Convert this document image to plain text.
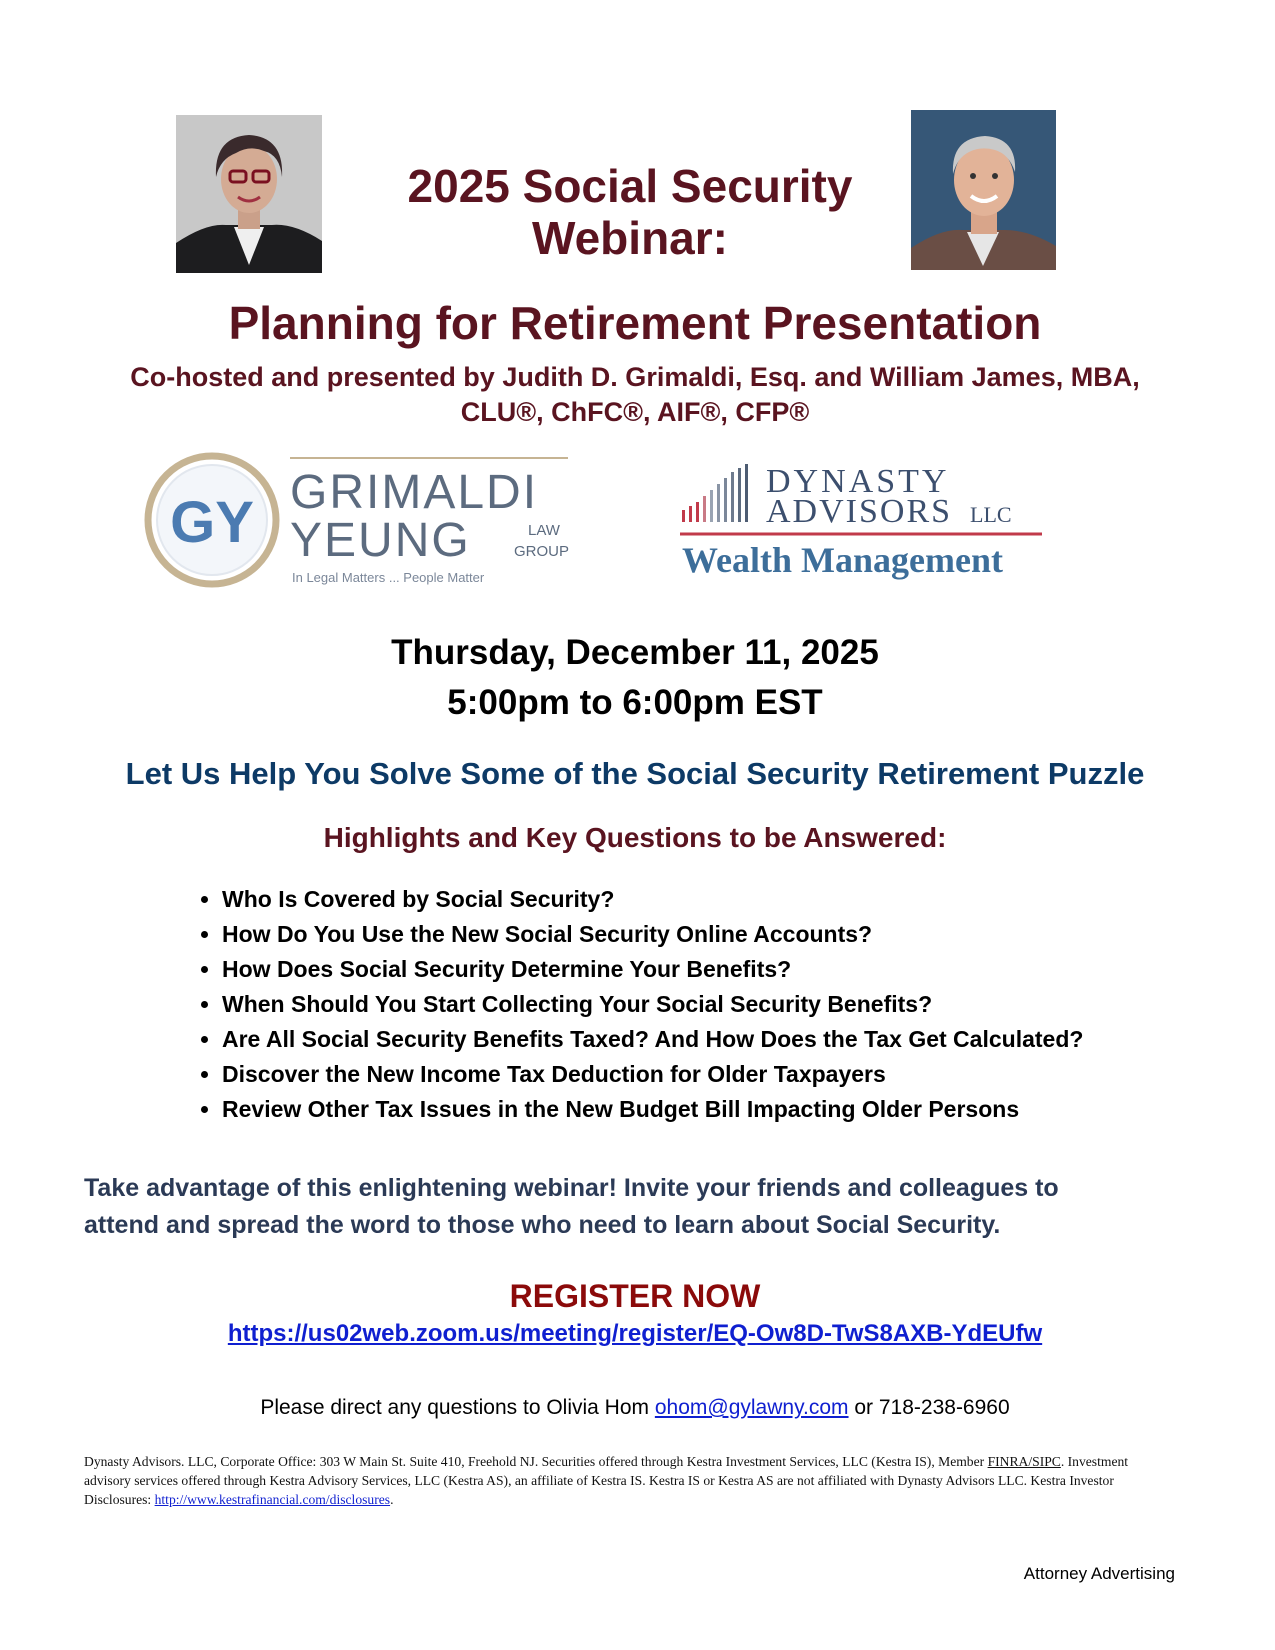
2025 Social Security
Webinar:
Planning for Retirement Presentation
Co-hosted and presented by Judith D. Grimaldi, Esq. and William James, MBA,
CLU®, ChFC®, AIF®, CFP®
GY GRIMALDI
YEUNG	LAW
GROUP
In Legal Matters ... People Matter
DYNASTY
ADVISORS LLC
Wealth Management
Thursday, December 11, 2025
5:00pm to 6:00pm EST
Let Us Help You Solve Some of the Social Security Retirement Puzzle
Highlights and Key Questions to be Answered:
• Who Is Covered by Social Security?
• How Do You Use the New Social Security Online Accounts?
• How Does Social Security Determine Your Benefits?
• When Should You Start Collecting Your Social Security Benefits?
• Are All Social Security Benefits Taxed? And How Does the Tax Get Calculated?
• Discover the New Income Tax Deduction for Older Taxpayers
• Review Other Tax Issues in the New Budget Bill Impacting Older Persons
Take advantage of this enlightening webinar! Invite your friends and colleagues to
attend and spread the word to those who need to learn about Social Security.
REGISTER NOW
https://us02web.zoom.us/meeting/register/EQ-Ow8D-TwS8AXB-YdEUfw
Please direct any questions to Olivia Hom ohom@gylawny.com or 718-238-6960
Dynasty Advisors. LLC, Corporate Office: 303 W Main St. Suite 410, Freehold NJ. Securities offered through Kestra Investment Services, LLC (Kestra IS), Member FINRA/SIPC. Investment advisory services offered through Kestra Advisory Services, LLC (Kestra AS), an affiliate of Kestra IS. Kestra IS or Kestra AS are not affiliated with Dynasty Advisors LLC. Kestra Investor Disclosures: http://www.kestrafinancial.com/disclosures.
Attorney Advertising
